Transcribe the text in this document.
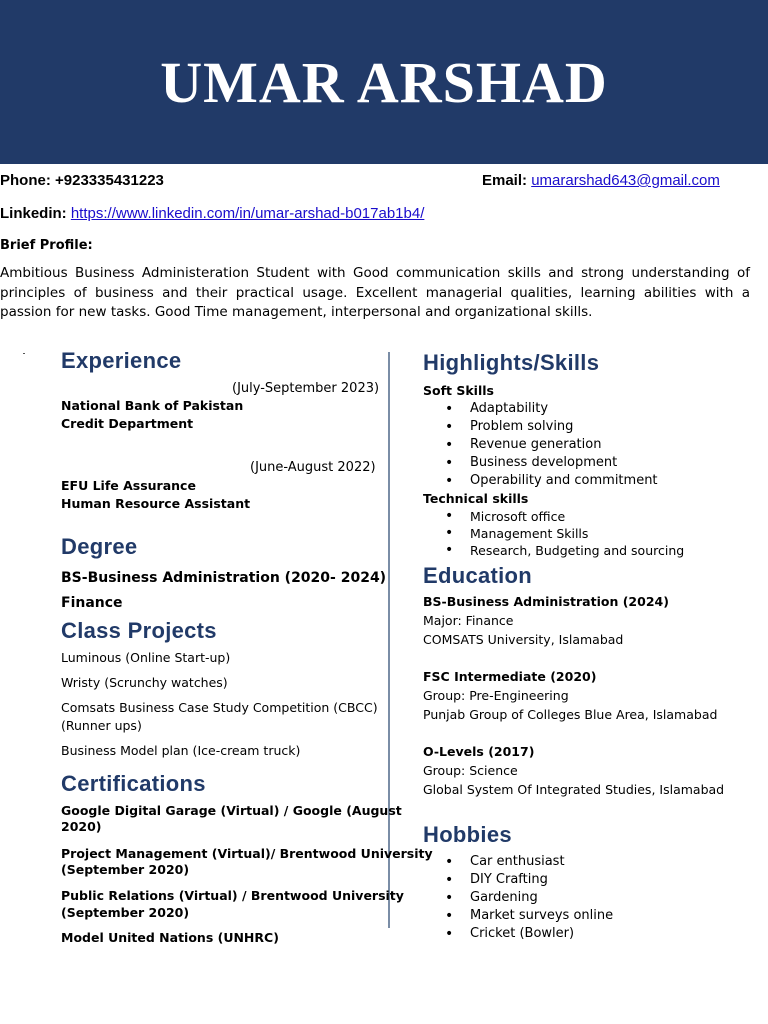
UMAR ARSHAD
Phone: +923335431223	Email: umararshad643@gmail.com
Linkedin: https://www.linkedin.com/in/umar-arshad-b017ab1b4/
Brief Profile:
Ambitious Business Administeration Student with Good communication skills and strong understanding of principles of business and their practical usage. Excellent managerial qualities, learning abilities with a passion for new tasks. Good Time management, interpersonal and organizational skills.
Experience
(July-September 2023)
National Bank of Pakistan
Credit Department
(June-August 2022)
EFU Life Assurance
Human Resource Assistant
Degree
BS-Business Administration (2020- 2024)
Finance
Class Projects
Luminous (Online Start-up)
Wristy (Scrunchy watches)
Comsats Business Case Study Competition (CBCC)
(Runner ups)
Business Model plan (Ice-cream truck)
Certifications
Google Digital Garage (Virtual) / Google (August
2020)
Project Management (Virtual)/ Brentwood University
(September 2020)
Public Relations (Virtual) / Brentwood University
(September 2020)
Model United Nations (UNHRC)
Highlights/Skills
Soft Skills
• Adaptability
• Problem solving
• Revenue generation
• Business development
• Operability and commitment
Technical skills
• Microsoft office
• Management Skills
• Research, Budgeting and sourcing
Education
BS-Business Administration (2024)
Major: Finance
COMSATS University, Islamabad
FSC Intermediate (2020)
Group: Pre-Engineering
Punjab Group of Colleges Blue Area, Islamabad
O-Levels (2017)
Group: Science
Global System Of Integrated Studies, Islamabad
Hobbies
• Car enthusiast
• DIY Crafting
• Gardening
• Market surveys online
• Cricket (Bowler)
